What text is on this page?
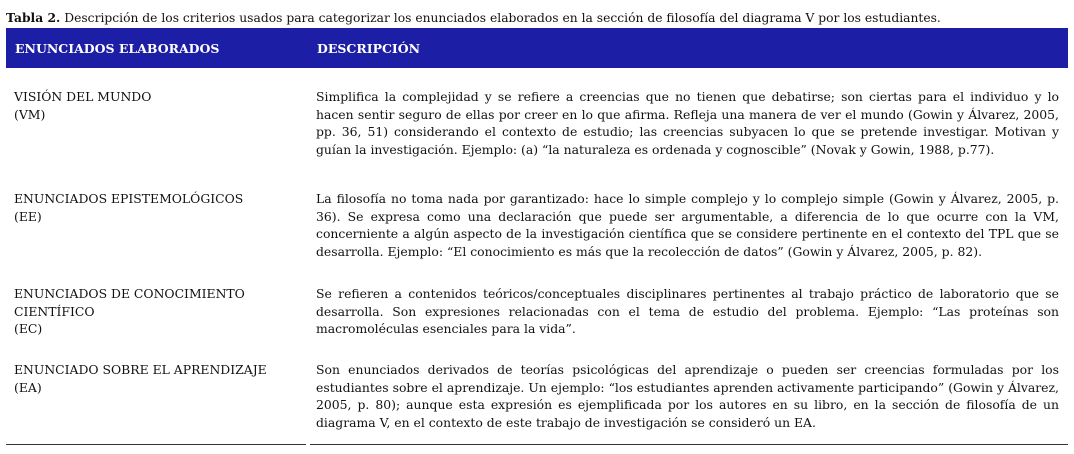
Tabla 2. Descripción de los criterios usados para categorizar los enunciados elaborados en la sección de filosofía del diagrama V por los estudiantes.
ENUNCIADOS ELABORADOS	DESCRIPCIÓN
VISIÓN DEL MUNDO
(VM)
Simplifica la complejidad y se refiere a creencias que no tienen que debatirse; son ciertas para el individuo y lo hacen sentir seguro de ellas por creer en lo que afirma. Refleja una manera de ver el mundo (Gowin y Álvarez, 2005, pp. 36, 51) considerando el contexto de estudio; las creencias subyacen lo que se pretende investigar. Motivan y guían la investigación. Ejemplo: (a) “la naturaleza es ordenada y cognoscible” (Novak y Gowin, 1988, p.77).
ENUNCIADOS EPISTEMOLÓGICOS
(EE)
La filosofía no toma nada por garantizado: hace lo simple complejo y lo complejo simple (Gowin y Álvarez, 2005, p. 36). Se expresa como una declaración que puede ser argumentable, a diferencia de lo que ocurre con la VM, concerniente a algún aspecto de la investigación científica que se considere pertinente en el contexto del TPL que se desarrolla. Ejemplo: “El conocimiento es más que la recolección de datos” (Gowin y Álvarez, 2005, p. 82).
ENUNCIADOS DE CONOCIMIENTO
CIENTÍFICO
(EC)
Se refieren a contenidos teóricos/conceptuales disciplinares pertinentes al trabajo práctico de laboratorio que se desarrolla. Son expresiones relacionadas con el tema de estudio del problema. Ejemplo: “Las proteínas son macromoléculas esenciales para la vida”.
ENUNCIADO SOBRE EL APRENDIZAJE
(EA)
Son enunciados derivados de teorías psicológicas del aprendizaje o pueden ser creencias formuladas por los estudiantes sobre el aprendizaje. Un ejemplo: “los estudiantes aprenden activamente participando” (Gowin y Álvarez, 2005, p. 80); aunque esta expresión es ejemplificada por los autores en su libro, en la sección de filosofía de un diagrama V, en el contexto de este trabajo de investigación se consideró un EA.
